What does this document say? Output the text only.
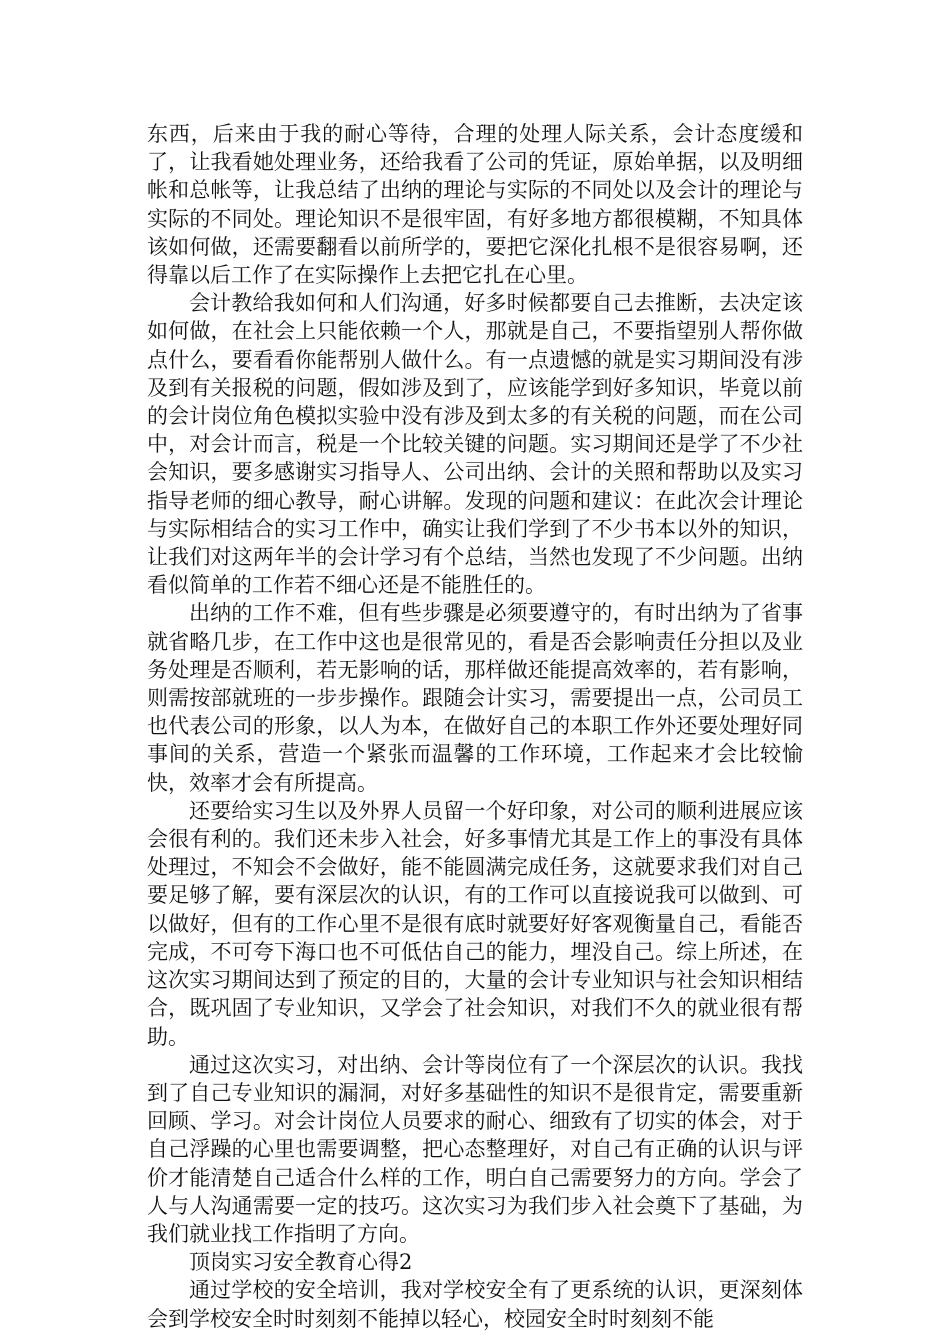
东西，后来由于我的耐心等待，合理的处理人际关系，会计态度缓和了，让我看她处理业务，还给我看了公司的凭证，原始单据，以及明细帐和总帐等，让我总结了出纳的理论与实际的不同处以及会计的理论与实际的不同处。理论知识不是很牢固，有好多地方都很模糊，不知具体该如何做，还需要翻看以前所学的，要把它深化扎根不是很容易啊，还得靠以后工作了在实际操作上去把它扎在心里。

会计教给我如何和人们沟通，好多时候都要自己去推断，去决定该如何做，在社会上只能依赖一个人，那就是自己，不要指望别人帮你做点什么，要看看你能帮别人做什么。有一点遗憾的就是实习期间没有涉及到有关报税的问题，假如涉及到了，应该能学到好多知识，毕竟以前的会计岗位角色模拟实验中没有涉及到太多的有关税的问题，而在公司中，对会计而言，税是一个比较关键的问题。实习期间还是学了不少社会知识，要多感谢实习指导人、公司出纳、会计的关照和帮助以及实习指导老师的细心教导，耐心讲解。发现的问题和建议：在此次会计理论与实际相结合的实习工作中，确实让我们学到了不少书本以外的知识，让我们对这两年半的会计学习有个总结，当然也发现了不少问题。出纳看似简单的工作若不细心还是不能胜任的。

出纳的工作不难，但有些步骤是必须要遵守的，有时出纳为了省事就省略几步，在工作中这也是很常见的，看是否会影响责任分担以及业务处理是否顺利，若无影响的话，那样做还能提高效率的，若有影响，则需按部就班的一步步操作。跟随会计实习，需要提出一点，公司员工也代表公司的形象，以人为本，在做好自己的本职工作外还要处理好同事间的关系，营造一个紧张而温馨的工作环境，工作起来才会比较愉快，效率才会有所提高。

还要给实习生以及外界人员留一个好印象，对公司的顺利进展应该会很有利的。我们还未步入社会，好多事情尤其是工作上的事没有具体处理过，不知会不会做好，能不能圆满完成任务，这就要求我们对自己要足够了解，要有深层次的认识，有的工作可以直接说我可以做到、可以做好，但有的工作心里不是很有底时就要好好客观衡量自己，看能否完成，不可夸下海口也不可低估自己的能力，埋没自己。综上所述，在这次实习期间达到了预定的目的，大量的会计专业知识与社会知识相结合，既巩固了专业知识，又学会了社会知识，对我们不久的就业很有帮助。

通过这次实习，对出纳、会计等岗位有了一个深层次的认识。我找到了自己专业知识的漏洞，对好多基础性的知识不是很肯定，需要重新回顾、学习。对会计岗位人员要求的耐心、细致有了切实的体会，对于自己浮躁的心里也需要调整，把心态整理好，对自己有正确的认识与评价才能清楚自己适合什么样的工作，明白自己需要努力的方向。学会了人与人沟通需要一定的技巧。这次实习为我们步入社会奠下了基础，为我们就业找工作指明了方向。

顶岗实习安全教育心得2

通过学校的安全培训，我对学校安全有了更系统的认识，更深刻体会到学校安全时时刻刻不能掉以轻心，校园安全时时刻刻不能
